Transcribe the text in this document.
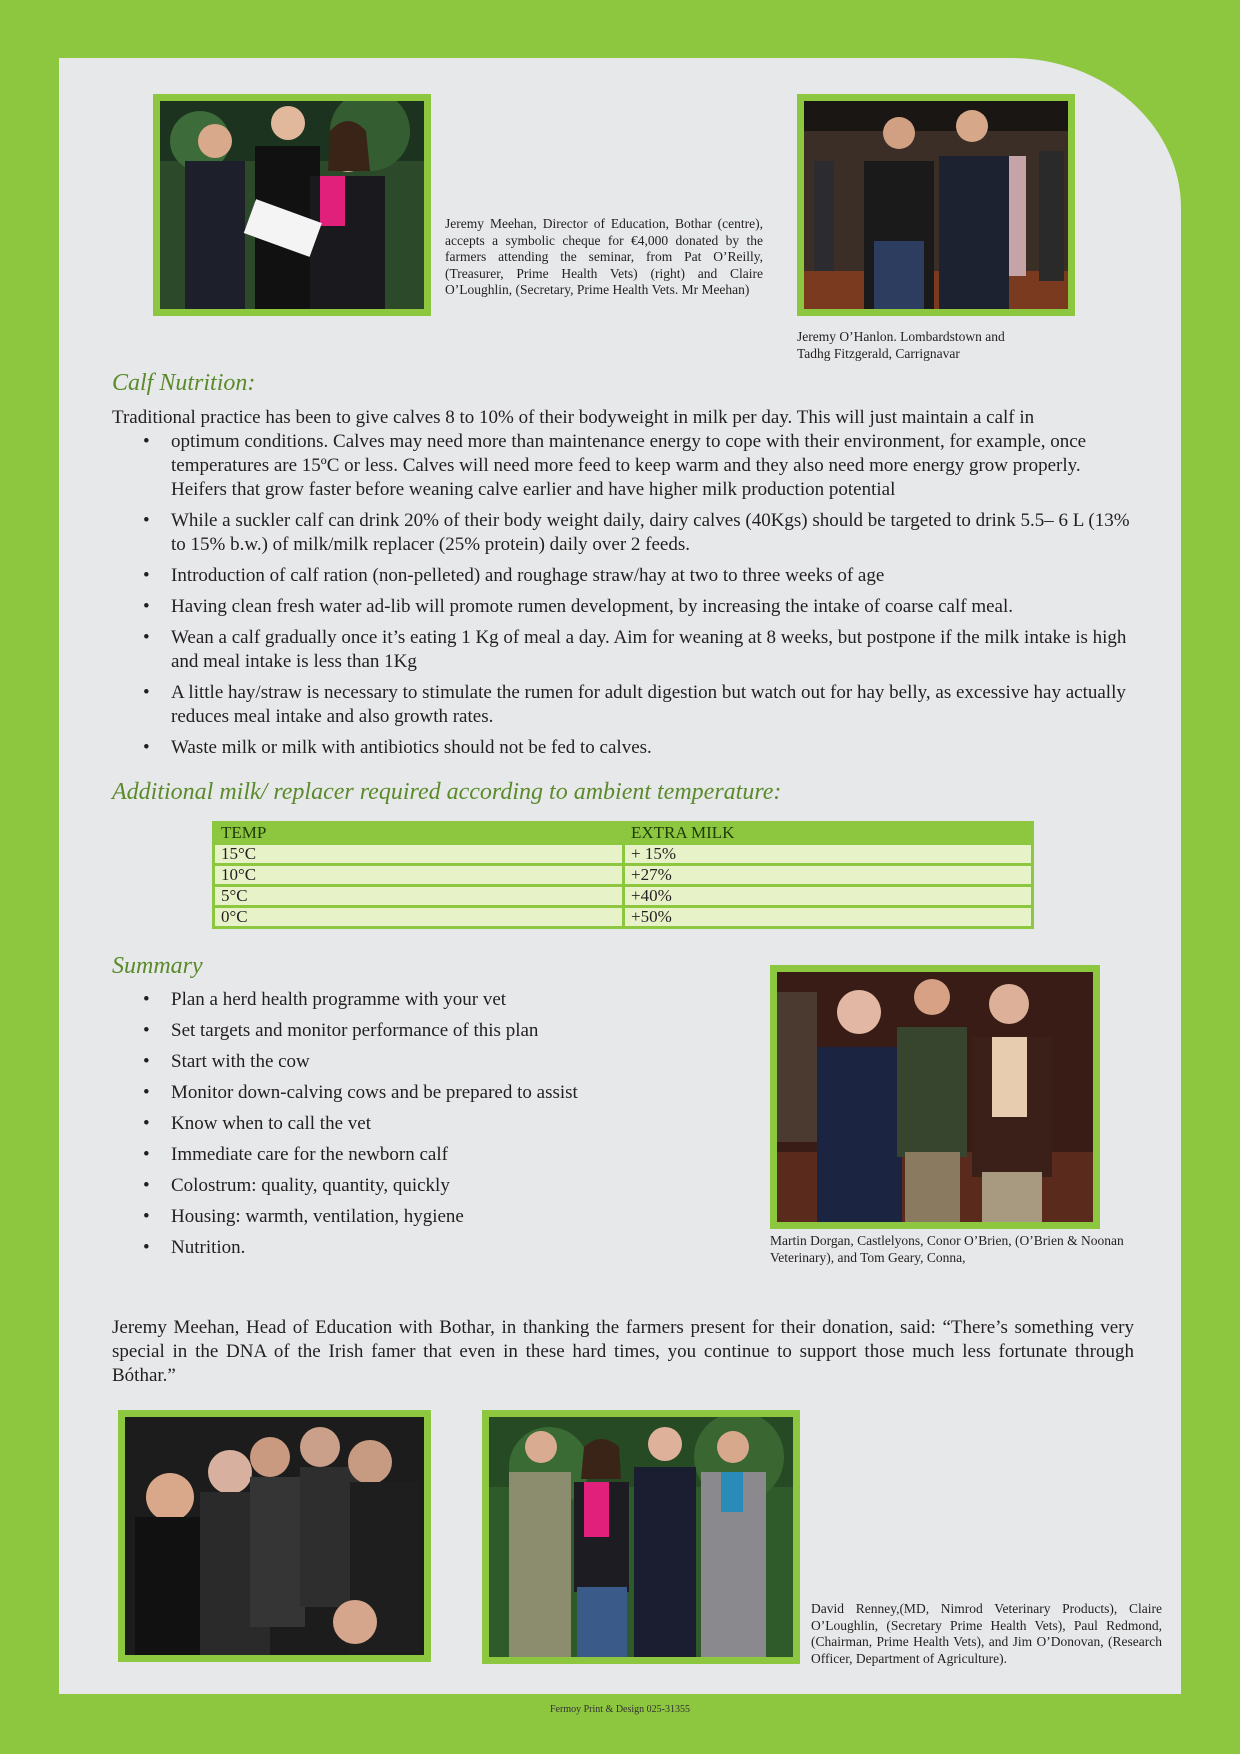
Jeremy Meehan, Director of Education, Bothar (centre), accepts a symbolic cheque for €4,000 donated by the farmers attending the seminar, from Pat O’Reilly, (Treasurer, Prime Health Vets) (right) and Claire O’Loughlin, (Secretary, Prime Health Vets. Mr Meehan)
Jeremy O’Hanlon. Lombardstown and Tadhg Fitzgerald, Carrignavar
Calf Nutrition:
Traditional practice has been to give calves 8 to 10% of their bodyweight in milk per day. This will just maintain a calf in
• optimum conditions. Calves may need more than maintenance energy to cope with their environment, for example, once temperatures are 15ºC or less. Calves will need more feed to keep warm and they also need more energy grow properly. Heifers that grow faster before weaning calve earlier and have higher milk production potential
• While a suckler calf can drink 20% of their body weight daily, dairy calves (40Kgs) should be targeted to drink 5.5– 6 L (13% to 15% b.w.) of milk/milk replacer (25% protein) daily over 2 feeds.
• Introduction of calf ration (non-pelleted) and roughage straw/hay at two to three weeks of age
• Having clean fresh water ad-lib will promote rumen development, by increasing the intake of coarse calf meal.
• Wean a calf gradually once it’s eating 1 Kg of meal a day. Aim for weaning at 8 weeks, but postpone if the milk intake is high and meal intake is less than 1Kg
• A little hay/straw is necessary to stimulate the rumen for adult digestion but watch out for hay belly, as excessive hay actually reduces meal intake and also growth rates.
• Waste milk or milk with antibiotics should not be fed to calves.
Additional milk/ replacer required according to ambient temperature:
TEMP	EXTRA MILK
15°C	+ 15%
10°C	+27%
5°C	+40%
0°C	+50%
Summary
• Plan a herd health programme with your vet
• Set targets and monitor performance of this plan
• Start with the cow
• Monitor down-calving cows and be prepared to assist
• Know when to call the vet
• Immediate care for the newborn calf
• Colostrum: quality, quantity, quickly
• Housing: warmth, ventilation, hygiene
• Nutrition.	Martin Dorgan, Castlelyons, Conor O’Brien, (O’Brien & Noonan Veterinary), and Tom Geary, Conna,
Jeremy Meehan, Head of Education with Bothar, in thanking the farmers present for their donation, said: “There’s something very special in the DNA of the Irish famer that even in these hard times, you continue to support those much less fortunate through Bóthar.”
David Renney,(MD, Nimrod Veterinary Products), Claire O’Loughlin, (Secretary Prime Health Vets), Paul Redmond, (Chairman, Prime Health Vets), and Jim O’Donovan, (Research Officer, Department of Agriculture).
Fermoy Print & Design 025-31355
